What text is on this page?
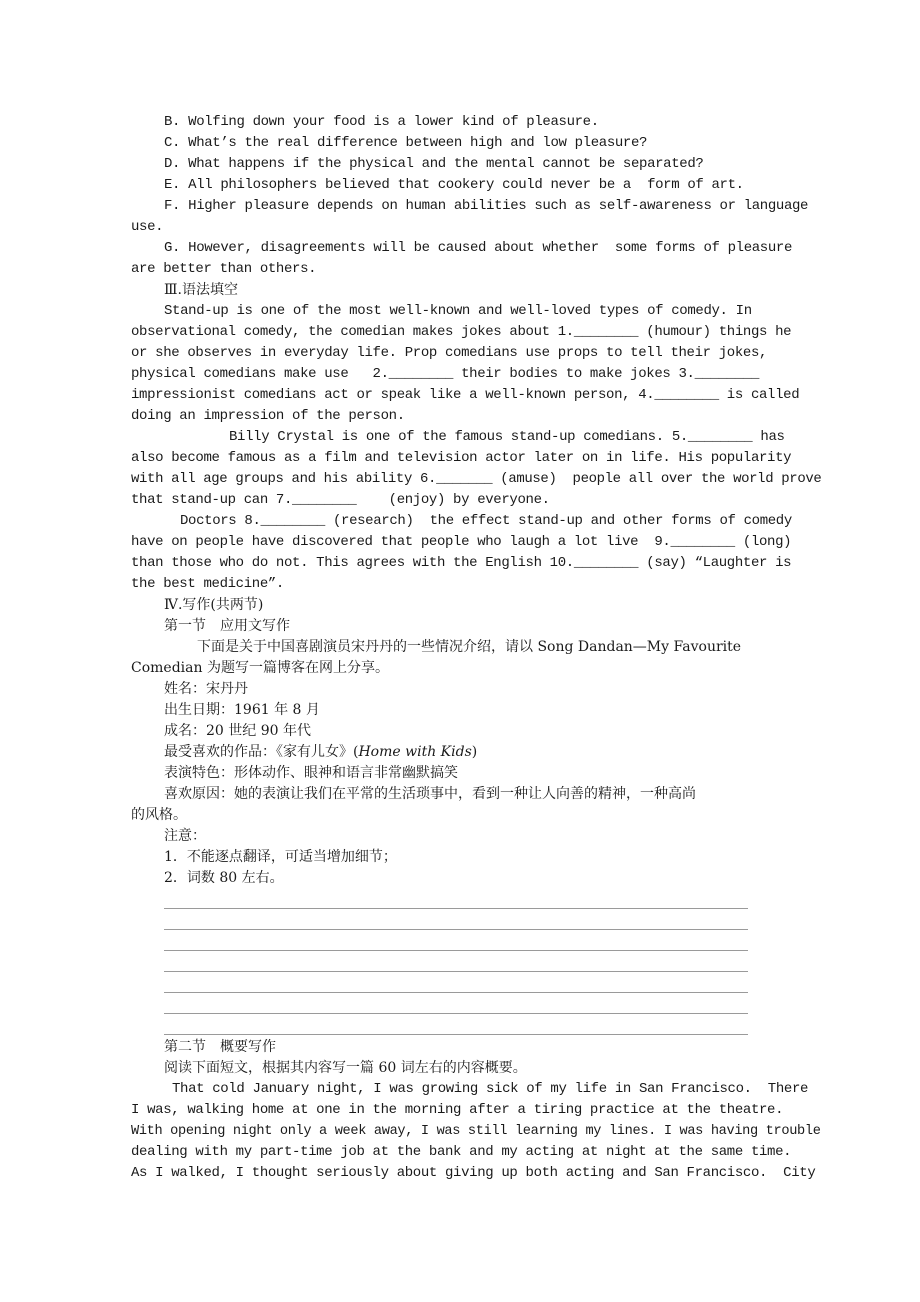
B. Wolfing down your food is a lower kind of pleasure.
C. What’s the real difference between high and low pleasure?
D. What happens if the physical and the mental cannot be separated?
E. All philosophers believed that cookery could never be a  form of art.
F. Higher pleasure depends on human abilities such as self-awareness or language
use.
G. However, disagreements will be caused about whether  some forms of pleasure
are better than others.
Ⅲ.语法填空
Stand-up is one of the most well-known and well-loved types of comedy. In
observational comedy, the comedian makes jokes about 1.________ (humour) things he
or she observes in everyday life. Prop comedians use props to tell their jokes,
physical comedians make use   2.________ their bodies to make jokes 3.________
impressionist comedians act or speak like a well-known person, 4.________ is called
doing an impression of the person.
Billy Crystal is one of the famous stand-up comedians. 5.________ has
also become famous as a film and television actor later on in life. His popularity
with all age groups and his ability 6._______ (amuse)  people all over the world prove
that stand-up can 7.________    (enjoy) by everyone.
Doctors 8.________ (research)  the effect stand-up and other forms of comedy
have on people have discovered that people who laugh a lot live  9.________ (long)
than those who do not. This agrees with the English 10.________ (say) “Laughter is
the best medicine”.
Ⅳ.写作(共两节)
第一节　应用文写作
下面是关于中国喜剧演员宋丹丹的一些情况介绍，请以 Song Dandan—My Favourite
Comedian 为题写一篇博客在网上分享。
姓名：宋丹丹
出生日期：1961 年 8 月
成名：20 世纪 90 年代
最受喜欢的作品：《家有儿女》(Home with Kids)
表演特色：形体动作、眼神和语言非常幽默搞笑
喜欢原因：她的表演让我们在平常的生活琐事中，看到一种让人向善的精神，一种高尚
的风格。
注意：
1．不能逐点翻译，可适当增加细节；
2．词数 80 左右。
第二节　概要写作
阅读下面短文，根据其内容写一篇 60 词左右的内容概要。
That cold January night, I was growing sick of my life in San Francisco.  There
I was, walking home at one in the morning after a tiring practice at the theatre.
With opening night only a week away, I was still learning my lines. I was having trouble
dealing with my part-time job at the bank and my acting at night at the same time.
As I walked, I thought seriously about giving up both acting and San Francisco.  City
